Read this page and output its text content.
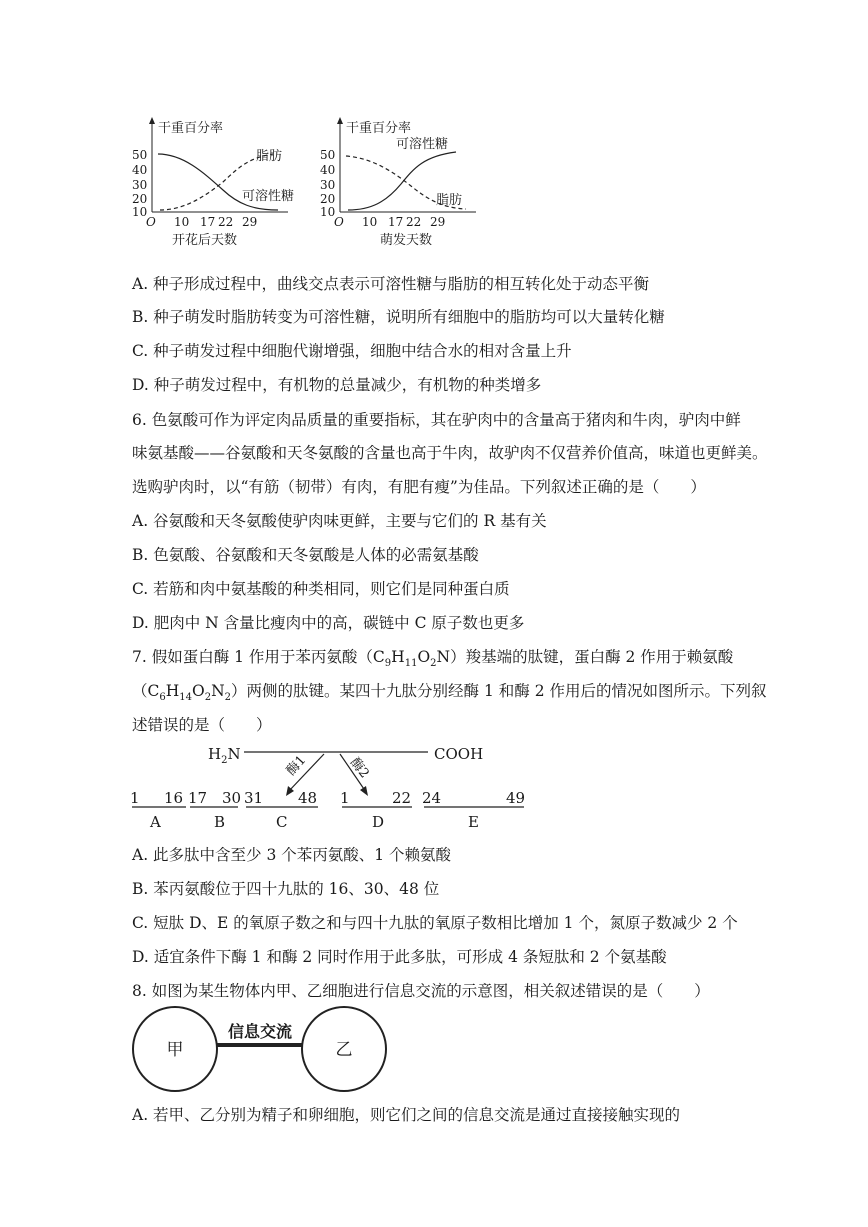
干重百分率
50
40
30
20
10
O 10 17 22 29
开花后天数
脂肪
可溶性糖
干重百分率
50
40
30
20
10
O 10 17 22 29
萌发天数
可溶性糖
脂肪
A. 种子形成过程中，曲线交点表示可溶性糖与脂肪的相互转化处于动态平衡
B. 种子萌发时脂肪转变为可溶性糖，说明所有细胞中的脂肪均可以大量转化糖
C. 种子萌发过程中细胞代谢增强，细胞中结合水的相对含量上升
D. 种子萌发过程中，有机物的总量减少，有机物的种类增多
6. 色氨酸可作为评定肉品质量的重要指标，其在驴肉中的含量高于猪肉和牛肉，驴肉中鲜
味氨基酸——谷氨酸和天冬氨酸的含量也高于牛肉，故驴肉不仅营养价值高，味道也更鲜美。
选购驴肉时，以“有筋（韧带）有肉，有肥有瘦”为佳品。下列叙述正确的是（　　）
A. 谷氨酸和天冬氨酸使驴肉味更鲜，主要与它们的 R 基有关
B. 色氨酸、谷氨酸和天冬氨酸是人体的必需氨基酸
C. 若筋和肉中氨基酸的种类相同，则它们是同种蛋白质
D. 肥肉中 N 含量比瘦肉中的高，碳链中 C 原子数也更多
7. 假如蛋白酶 1 作用于苯丙氨酸$(C_9H_{11}O_2N)$羧基端的肽键，蛋白酶 2 作用于赖氨酸
$(C_6H_{14}O_2N_2)$两侧的肽键。某四十九肽分别经酶 1 和酶 2 作用后的情况如图所示。下列叙
述错误的是（　　）
$H_2N$	COOH
酶1	酶2
1 16 17 30 31 48 1	22 24	49
A	B	C	D	E
A. 此多肽中含至少 3 个苯丙氨酸、1 个赖氨酸
B. 苯丙氨酸位于四十九肽的 16、30、48 位
C. 短肽 D、E 的氧原子数之和与四十九肽的氧原子数相比增加 1 个，氮原子数减少 2 个
D. 适宜条件下酶 1 和酶 2 同时作用于此多肽，可形成 4 条短肽和 2 个氨基酸
8. 如图为某生物体内甲、乙细胞进行信息交流的示意图，相关叙述错误的是（　　）
甲
信息交流
乙
A. 若甲、乙分别为精子和卵细胞，则它们之间的信息交流是通过直接接触实现的
